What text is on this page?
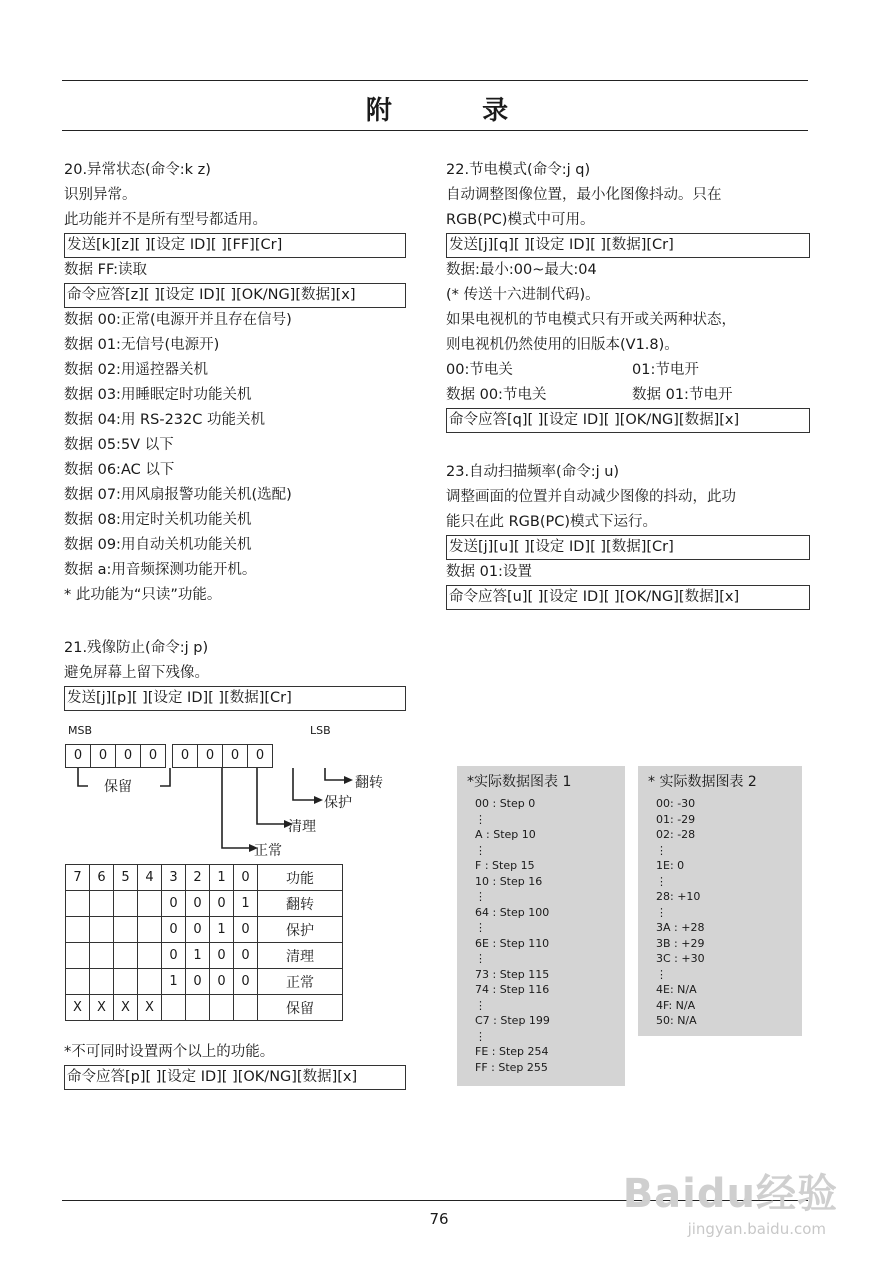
附	录
20.异常状态(命令:k z)
识别异常。
此功能并不是所有型号都适用。
发送[k][z][ ][设定 ID][ ][FF][Cr]
数据 FF:读取
命令应答[z][ ][设定 ID][ ][OK/NG][数据][x]
数据 00:正常(电源开并且存在信号)
数据 01:无信号(电源开)
数据 02:用遥控器关机
数据 03:用睡眠定时功能关机
数据 04:用 RS-232C 功能关机
数据 05:5V 以下
数据 06:AC 以下
数据 07:用风扇报警功能关机(选配)
数据 08:用定时关机功能关机
数据 09:用自动关机功能关机
数据 a:用音频探测功能开机。
* 此功能为“只读”功能。
21.残像防止(命令:j p)
避免屏幕上留下残像。
发送[j][p][ ][设定 ID][ ][数据][Cr]
MSB	LSB
0	0	0	0	0	0	0	0
保留	翻转
保护
清理
正常
7	6	5	4	3	2	1	0	功能
				0	0	0	1	翻转
				0	0	1	0	保护
				0	1	0	0	清理
				1	0	0	0	正常
X	X	X	X					保留
*不可同时设置两个以上的功能。
命令应答[p][ ][设定 ID][ ][OK/NG][数据][x]
22.节电模式(命令:j q)
自动调整图像位置，最小化图像抖动。只在
RGB(PC)模式中可用。
发送[j][q][ ][设定 ID][ ][数据][Cr]
数据:最小:00~最大:04
(* 传送十六进制代码)。
如果电视机的节电模式只有开或关两种状态，
则电视机仍然使用的旧版本(V1.8)。
00:节电关	01:节电开
数据 00:节电关	数据 01:节电开
命令应答[q][ ][设定 ID][ ][OK/NG][数据][x]
23.自动扫描频率(命令:j u)
调整画面的位置并自动减少图像的抖动，此功
能只在此 RGB(PC)模式下运行。
发送[j][u][ ][设定 ID][ ][数据][Cr]
数据 01:设置
命令应答[u][ ][设定 ID][ ][OK/NG][数据][x]
*实际数据图表 1
00 : Step 0
⋮
A : Step 10
⋮
F : Step 15
10 : Step 16
⋮
64 : Step 100
⋮
6E : Step 110
⋮
73 : Step 115
74 : Step 116
⋮
C7 : Step 199
⋮
FE : Step 254
FF : Step 255
* 实际数据图表 2
00: -30
01: -29
02: -28
⋮
1E: 0
⋮
28: +10
⋮
3A : +28
3B : +29
3C : +30
⋮
4E: N/A
4F: N/A
50: N/A
76
Baidu经验
jingyan.baidu.com
